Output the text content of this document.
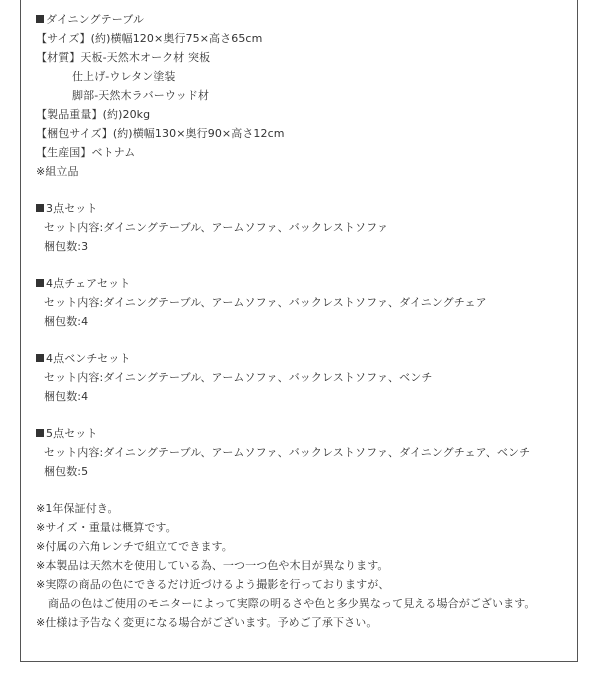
ダイニングテーブル
【サイズ】(約)横幅120×奥行75×高さ65cm
【材質】天板-天然木オーク材 突板
仕上げ-ウレタン塗装
脚部-天然木ラバーウッド材
【製品重量】(約)20kg
【梱包サイズ】(約)横幅130×奥行90×高さ12cm
【生産国】ベトナム
※組立品
3点セット
セット内容:ダイニングテーブル、アームソファ、バックレストソファ
梱包数:3
4点チェアセット
セット内容:ダイニングテーブル、アームソファ、バックレストソファ、ダイニングチェア
梱包数:4
4点ベンチセット
セット内容:ダイニングテーブル、アームソファ、バックレストソファ、ベンチ
梱包数:4
5点セット
セット内容:ダイニングテーブル、アームソファ、バックレストソファ、ダイニングチェア、ベンチ
梱包数:5
※1年保証付き。
※サイズ・重量は概算です。
※付属の六角レンチで組立てできます。
※本製品は天然木を使用している為、一つ一つ色や木目が異なります。
※実際の商品の色にできるだけ近づけるよう撮影を行っておりますが、
商品の色はご使用のモニターによって実際の明るさや色と多少異なって見える場合がございます。
※仕様は予告なく変更になる場合がございます。予めご了承下さい。
